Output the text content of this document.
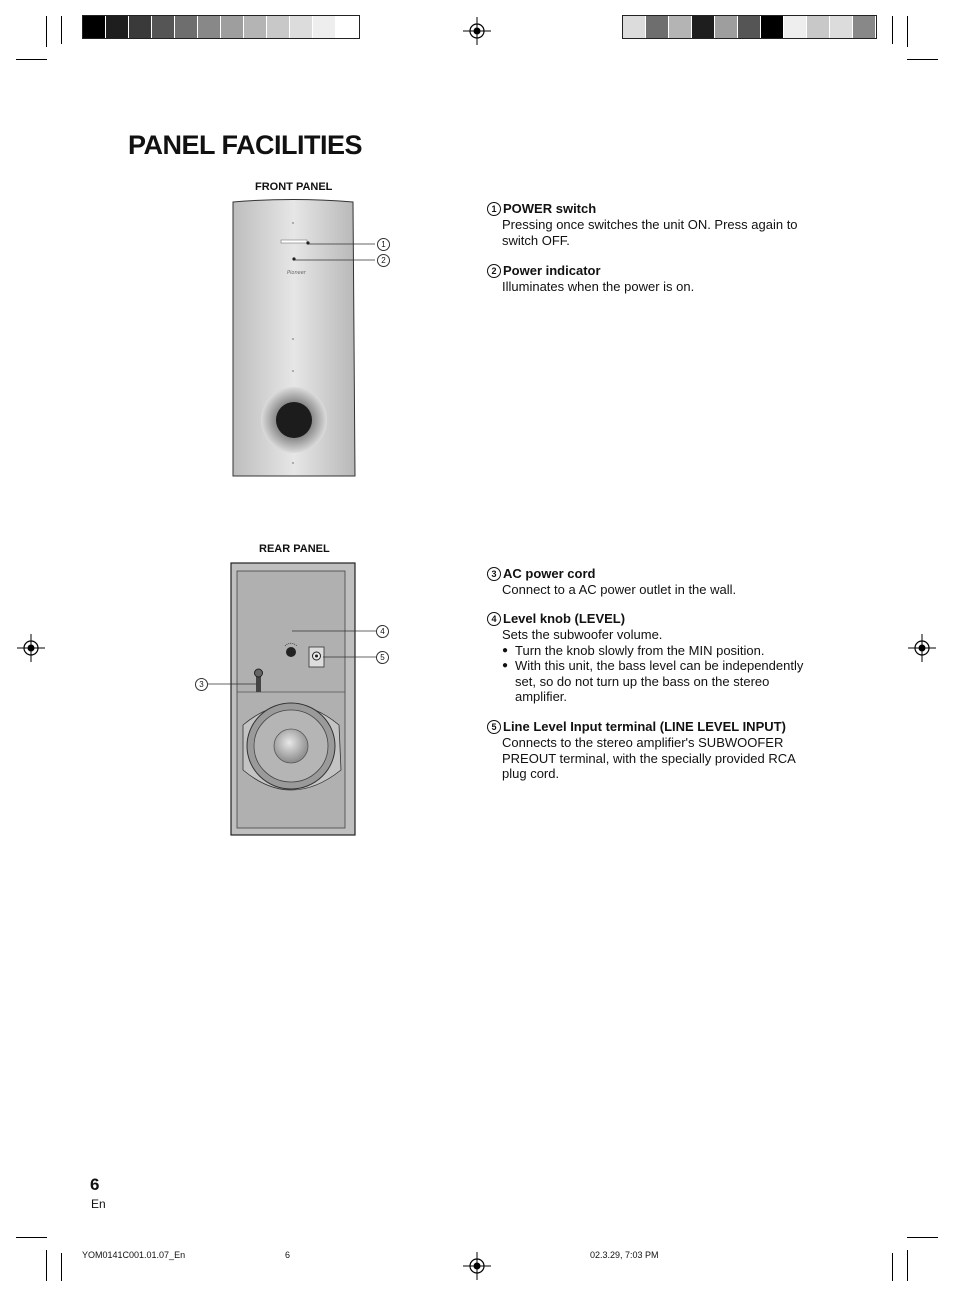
PANEL FACILITIES
FRONT PANEL
Pioneer
1
2
1 POWER switch
Pressing once switches the unit ON. Press again to switch OFF.
2 Power indicator
Illuminates when the power is on.
REAR PANEL
4
5
3
3 AC power cord
Connect to a AC power outlet in the wall.
4 Level knob (LEVEL)
Sets the subwoofer volume.
● Turn the knob slowly from the MIN position.
● With this unit, the bass level can be independently set, so do not turn up the bass on the stereo amplifier.
5 Line Level Input terminal (LINE LEVEL INPUT)
Connects to the stereo amplifier's SUBWOOFER PREOUT terminal, with the specially provided RCA plug cord.
6
En
YOM0141C001.01.07_En	6	02.3.29, 7:03 PM
